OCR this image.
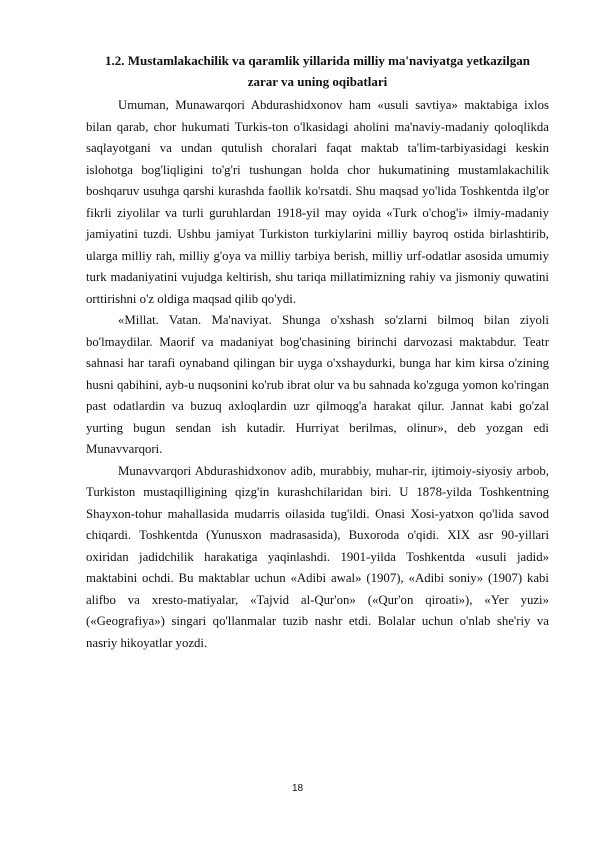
1.2. Mustamlakachilik va qaramlik yillarida milliy ma'naviyatga yetkazilgan
zarar va uning oqibatlari

Umuman, Munawarqori Abdurashidxonov ham «usuli savtiya» maktabiga ixlos bilan qarab, chor hukumati Turkis-ton o'lkasidagi aholini ma'naviy-madaniy qoloqlikda saqlayotgani va undan qutulish choralari faqat maktab ta'lim-tarbiyasidagi keskin islohotga bog'liqligini to'g'ri tushungan holda chor hukumatining mustamlakachilik boshqaruv usuhga qarshi kurashda faollik ko'rsatdi. Shu maqsad yo'lida Toshkentda ilg'or fikrli ziyolilar va turli guruhlardan 1918-yil may oyida «Turk o'chog'i» ilmiy-madaniy jamiyatini tuzdi. Ushbu jamiyat Turkiston turkiylarini milliy bayroq ostida birlashtirib, ularga milliy rah, milliy g'oya va milliy tarbiya berish, milliy urf-odatlar asosida umumiy turk madaniyatini vujudga keltirish, shu tariqa millatimizning rahiy va jismoniy quwatini orttirishni o'z oldiga maqsad qilib qo'ydi.

«Millat. Vatan. Ma'naviyat. Shunga o'xshash so'zlarni bilmoq bilan ziyoli bo'lmaydilar. Maorif va madaniyat bog'chasining birinchi darvozasi maktabdur. Teatr sahnasi har tarafi oynaband qilingan bir uyga o'xshaydurki, bunga har kim kirsa o'zining husni qabihini, ayb-u nuqsonini ko'rub ibrat olur va bu sahnada ko'zguga yomon ko'ringan past odatlardin va buzuq axloqlardin uzr qilmoqg'a harakat qilur. Jannat kabi go'zal yurting bugun sendan ish kutadir. Hurriyat berilmas, olinur», deb yozgan edi Munavvarqori.

Munavvarqori Abdurashidxonov adib, murabbiy, muhar-rir, ijtimoiy-siyosiy arbob, Turkiston mustaqilligining qizg'in kurashchilaridan biri. U 1878-yilda Toshkentning Shayxon-tohur mahallasida mudarris oilasida tug'ildi. Onasi Xosi-yatxon qo'lida savod chiqardi. Toshkentda (Yunusxon madrasasida), Buxoroda o'qidi. XIX asr 90-yillari oxiridan jadidchilik harakatiga yaqinlashdi. 1901-yilda Toshkentda «usuli jadid» maktabini ochdi. Bu maktablar uchun «Adibi awal» (1907), «Adibi soniy» (1907) kabi alifbo va xresto-matiyalar, «Tajvid al-Qur'on» («Qur'on qiroati»), «Yer yuzi» («Geografiya») singari qo'llanmalar tuzib nashr etdi. Bolalar uchun o'nlab she'riy va nasriy hikoyatlar yozdi.

18
